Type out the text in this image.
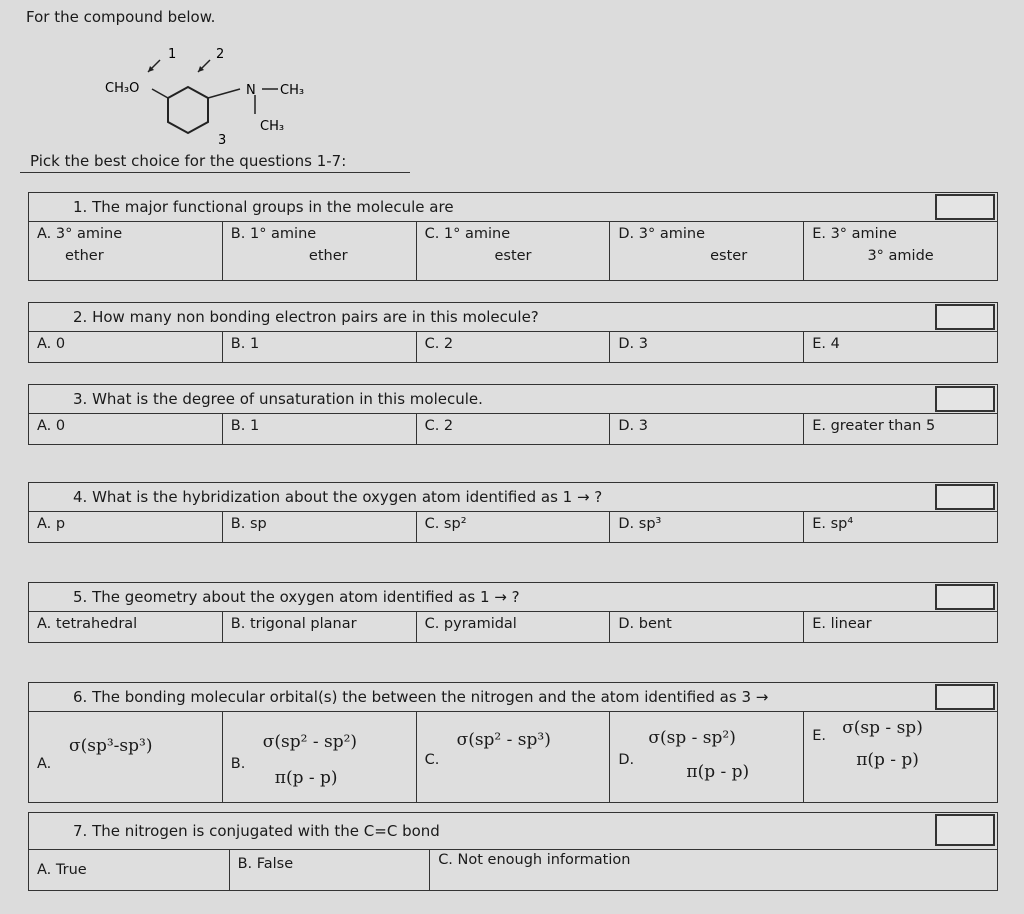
For the compound below.
CH₃O	N CH₃
CH₃
1	2
3
Pick the best choice for the questions 1-7:
1. The major functional groups in the molecule are
A. 3° amine
ether
B. 1° amine
ether
C. 1° amine
ester
D. 3° amine
ester
E. 3° amine
3° amide
2. How many non bonding electron pairs are in this molecule?
A. 0	B. 1	C. 2	D. 3	E. 4
3. What is the degree of unsaturation in this molecule.
A. 0	B. 1	C. 2	D. 3	E. greater than 5
4. What is the hybridization about the oxygen atom identified as 1 → ?
A. p	B. sp	C. sp²	D. sp³	E. sp⁴
5. The geometry about the oxygen atom identified as 1 → ?
A. tetrahedral	B. trigonal planar	C. pyramidal	D. bent	E. linear
6. The bonding molecular orbital(s) the between the nitrogen and the atom identified as 3 →
A.
σ(sp³-sp³)
B.
σ(sp² - sp²)
π(p - p)
C.
σ(sp² - sp³)
D.
σ(sp - sp²)
π(p - p)
E. σ(sp - sp)
π(p - p)
7. The nitrogen is conjugated with the C=C bond
A. True	B. False	C. Not enough information
